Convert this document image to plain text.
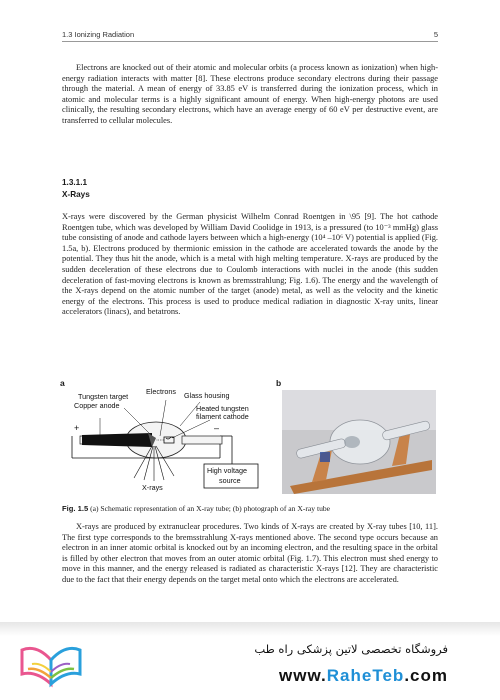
1.3 Ionizing Radiation	5

Electrons are knocked out of their atomic and molecular orbits (a process known as ionization) when high-energy radiation interacts with matter [8]. These electrons produce secondary electrons during their passage through the material. A mean of energy of 33.85 eV is transferred during the ionization process, which in atomic and molecular terms is a highly significant amount of energy. When high-energy photons are used clinically, the resulting secondary electrons, which have an average energy of 60 eV per destructive event, are transferred to cellular molecules.

1.3.1.1
X-Rays

X-rays were discovered by the German physicist Wilhelm Conrad Roentgen in \95 [9]. The hot cathode Roentgen tube, which was developed by William David Coolidge in 1913, is a pressured (to 10⁻³ mmHg) glass tube consisting of anode and cathode layers between which a high-energy (10⁴ –10⁶ V) potential is applied (Fig. 1.5a, b). Electrons produced by thermionic emission in the cathode are accelerated towards the anode by the potential. They thus hit the anode, which is a metal with high melting temperature. X-rays are produced by the sudden deceleration of these electrons due to Coulomb interactions with nuclei in the anode (this sudden deceleration of fast-moving electrons is known as bremsstrahlung; Fig. 1.6). The energy and the wavelength of the X-rays depend on the atomic number of the target (anode) metal, as well as the velocity and the kinetic energy of the electrons. This process is used to produce medical radiation in diagnostic X-ray units, linear accelerators (linacs), and betatrons.

a
Tungsten target
Copper anode
Electrons Glass housing
Heated tungsten
filament cathode
High voltage
source
X-rays
+	–
b
Fig. 1.5 (a) Schematic representation of an X-ray tube; (b) photograph of an X-ray tube

X-rays are produced by extranuclear procedures. Two kinds of X-rays are created by X-ray tubes [10, 11]. The first type corresponds to the bremsstrahlung X-rays mentioned above. The second type occurs because an electron in an inner atomic orbital is knocked out by an incoming electron, and the resulting space in the orbital is filled by other electron that moves from an outer atomic orbital (Fig. 1.7). This electron must shed energy to move in this manner, and the energy released is radiated as characteristic X-rays [12]. They are characteristic due to the fact that their energy depends on the target metal onto which the electrons are accelerated.

فروشگاه تخصصی لاتین پزشکی راه طب
www.RaheTeb.com
